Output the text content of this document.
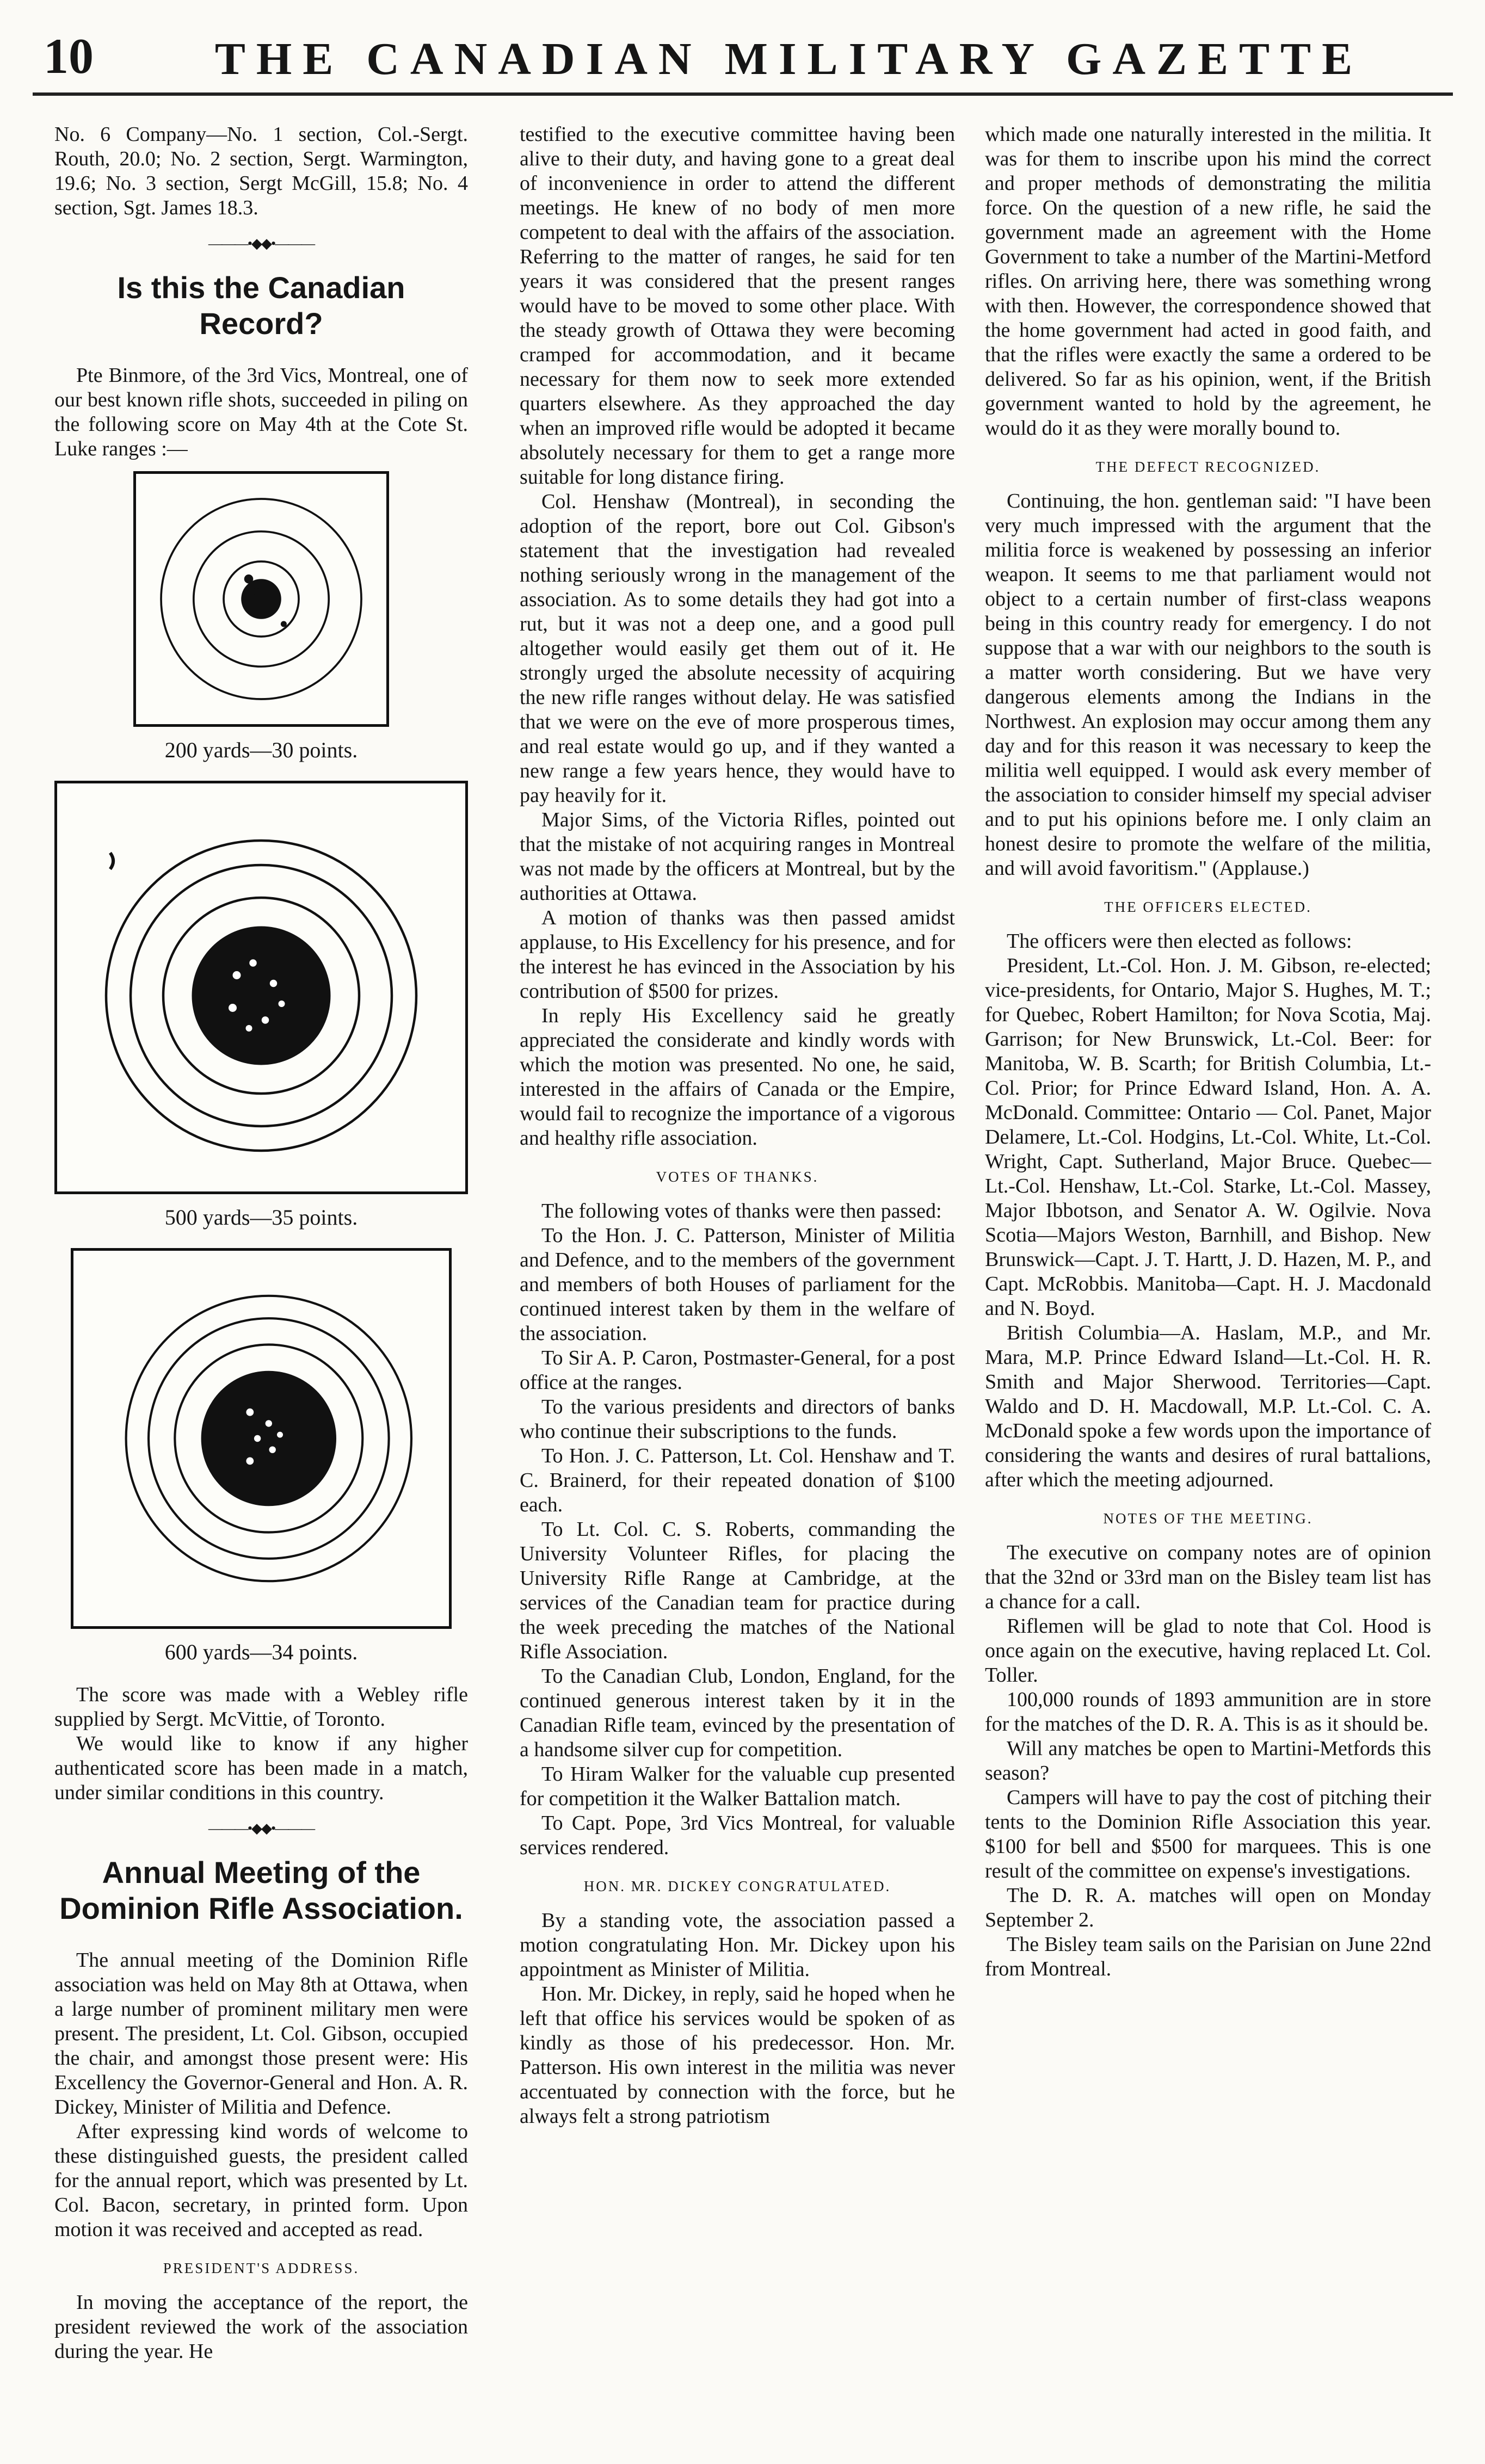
10	THE CANADIAN MILITARY GAZETTE

No. 6 Company—No. 1 section, Col.-Sergt. Routh, 20.0; No. 2 section, Sergt. Warmington, 19.6; No. 3 section, Sergt McGill, 15.8; No. 4 section, Sgt. James 18.3.

———•◆◆•———
Is this the Canadian Record?

Pte Binmore, of the 3rd Vics, Montreal, one of our best known rifle shots, succeeded in piling on the following score on May 4th at the Cote St. Luke ranges :—

200 yards—30 points.
500 yards—35 points.
600 yards—34 points.

The score was made with a Webley rifle supplied by Sergt. McVittie, of Toronto.

We would like to know if any higher authenticated score has been made in a match, under similar conditions in this country.

———•◆◆•———
Annual Meeting of the Dominion Rifle Association.

The annual meeting of the Dominion Rifle association was held on May 8th at Ottawa, when a large number of prominent military men were present. The president, Lt. Col. Gibson, occupied the chair, and amongst those present were: His Excellency the Governor-General and Hon. A. R. Dickey, Minister of Militia and Defence.

After expressing kind words of welcome to these distinguished guests, the president called for the annual report, which was presented by Lt. Col. Bacon, secretary, in printed form. Upon motion it was received and accepted as read.

PRESIDENT'S ADDRESS.

In moving the acceptance of the report, the president reviewed the work of the association during the year. He

testified to the executive committee having been alive to their duty, and having gone to a great deal of inconvenience in order to attend the different meetings. He knew of no body of men more competent to deal with the affairs of the association. Referring to the matter of ranges, he said for ten years it was considered that the present ranges would have to be moved to some other place. With the steady growth of Ottawa they were becoming cramped for accommodation, and it became necessary for them now to seek more extended quarters elsewhere. As they approached the day when an improved rifle would be adopted it became absolutely necessary for them to get a range more suitable for long distance firing.

Col. Henshaw (Montreal), in seconding the adoption of the report, bore out Col. Gibson's statement that the investigation had revealed nothing seriously wrong in the management of the association. As to some details they had got into a rut, but it was not a deep one, and a good pull altogether would easily get them out of it. He strongly urged the absolute necessity of acquiring the new rifle ranges without delay. He was satisfied that we were on the eve of more prosperous times, and real estate would go up, and if they wanted a new range a few years hence, they would have to pay heavily for it.

Major Sims, of the Victoria Rifles, pointed out that the mistake of not acquiring ranges in Montreal was not made by the officers at Montreal, but by the authorities at Ottawa.

A motion of thanks was then passed amidst applause, to His Excellency for his presence, and for the interest he has evinced in the Association by his contribution of $500 for prizes.

In reply His Excellency said he greatly appreciated the considerate and kindly words with which the motion was presented. No one, he said, interested in the affairs of Canada or the Empire, would fail to recognize the importance of a vigorous and healthy rifle association.

VOTES OF THANKS.

The following votes of thanks were then passed:

To the Hon. J. C. Patterson, Minister of Militia and Defence, and to the members of the government and members of both Houses of parliament for the continued interest taken by them in the welfare of the association.

To Sir A. P. Caron, Postmaster-General, for a post office at the ranges.

To the various presidents and directors of banks who continue their subscriptions to the funds.

To Hon. J. C. Patterson, Lt. Col. Henshaw and T. C. Brainerd, for their repeated donation of $100 each.

To Lt. Col. C. S. Roberts, commanding the University Volunteer Rifles, for placing the University Rifle Range at Cambridge, at the services of the Canadian team for practice during the week preceding the matches of the National Rifle Association.

To the Canadian Club, London, England, for the continued generous interest taken by it in the Canadian Rifle team, evinced by the presentation of a handsome silver cup for competition.

To Hiram Walker for the valuable cup presented for competition it the Walker Battalion match.

To Capt. Pope, 3rd Vics Montreal, for valuable services rendered.

HON. MR. DICKEY CONGRATULATED.

By a standing vote, the association passed a motion congratulating Hon. Mr. Dickey upon his appointment as Minister of Militia.

Hon. Mr. Dickey, in reply, said he hoped when he left that office his services would be spoken of as kindly as those of his predecessor. Hon. Mr. Patterson. His own interest in the militia was never accentuated by connection with the force, but he always felt a strong patriotism

which made one naturally interested in the militia. It was for them to inscribe upon his mind the correct and proper methods of demonstrating the militia force. On the question of a new rifle, he said the government made an agreement with the Home Government to take a number of the Martini-Metford rifles. On arriving here, there was something wrong with then. However, the correspondence showed that the home government had acted in good faith, and that the rifles were exactly the same a ordered to be delivered. So far as his opinion, went, if the British government wanted to hold by the agreement, he would do it as they were morally bound to.

THE DEFECT RECOGNIZED.

Continuing, the hon. gentleman said: "I have been very much impressed with the argument that the militia force is weakened by possessing an inferior weapon. It seems to me that parliament would not object to a certain number of first-class weapons being in this country ready for emergency. I do not suppose that a war with our neighbors to the south is a matter worth considering. But we have very dangerous elements among the Indians in the Northwest. An explosion may occur among them any day and for this reason it was necessary to keep the militia well equipped. I would ask every member of the association to consider himself my special adviser and to put his opinions before me. I only claim an honest desire to promote the welfare of the militia, and will avoid favoritism." (Applause.)

THE OFFICERS ELECTED.

The officers were then elected as follows:

President, Lt.-Col. Hon. J. M. Gibson, re-elected; vice-presidents, for Ontario, Major S. Hughes, M. T.; for Quebec, Robert Hamilton; for Nova Scotia, Maj. Garrison; for New Brunswick, Lt.-Col. Beer: for Manitoba, W. B. Scarth; for British Columbia, Lt.-Col. Prior; for Prince Edward Island, Hon. A. A. McDonald. Committee: Ontario — Col. Panet, Major Delamere, Lt.-Col. Hodgins, Lt.-Col. White, Lt.-Col. Wright, Capt. Sutherland, Major Bruce. Quebec—Lt.-Col. Henshaw, Lt.-Col. Starke, Lt.-Col. Massey, Major Ibbotson, and Senator A. W. Ogilvie. Nova Scotia—Majors Weston, Barnhill, and Bishop. New Brunswick—Capt. J. T. Hartt, J. D. Hazen, M. P., and Capt. McRobbis. Manitoba—Capt. H. J. Macdonald and N. Boyd.

British Columbia—A. Haslam, M.P., and Mr. Mara, M.P. Prince Edward Island—Lt.-Col. H. R. Smith and Major Sherwood. Territories—Capt. Waldo and D. H. Macdowall, M.P. Lt.-Col. C. A. McDonald spoke a few words upon the importance of considering the wants and desires of rural battalions, after which the meeting adjourned.

NOTES OF THE MEETING.

The executive on company notes are of opinion that the 32nd or 33rd man on the Bisley team list has a chance for a call.

Riflemen will be glad to note that Col. Hood is once again on the executive, having replaced Lt. Col. Toller.

100,000 rounds of 1893 ammunition are in store for the matches of the D. R. A. This is as it should be.

Will any matches be open to Martini-Metfords this season?

Campers will have to pay the cost of pitching their tents to the Dominion Rifle Association this year. $100 for bell and $500 for marquees. This is one result of the committee on expense's investigations.

The D. R. A. matches will open on Monday September 2.

The Bisley team sails on the Parisian on June 22nd from Montreal.
